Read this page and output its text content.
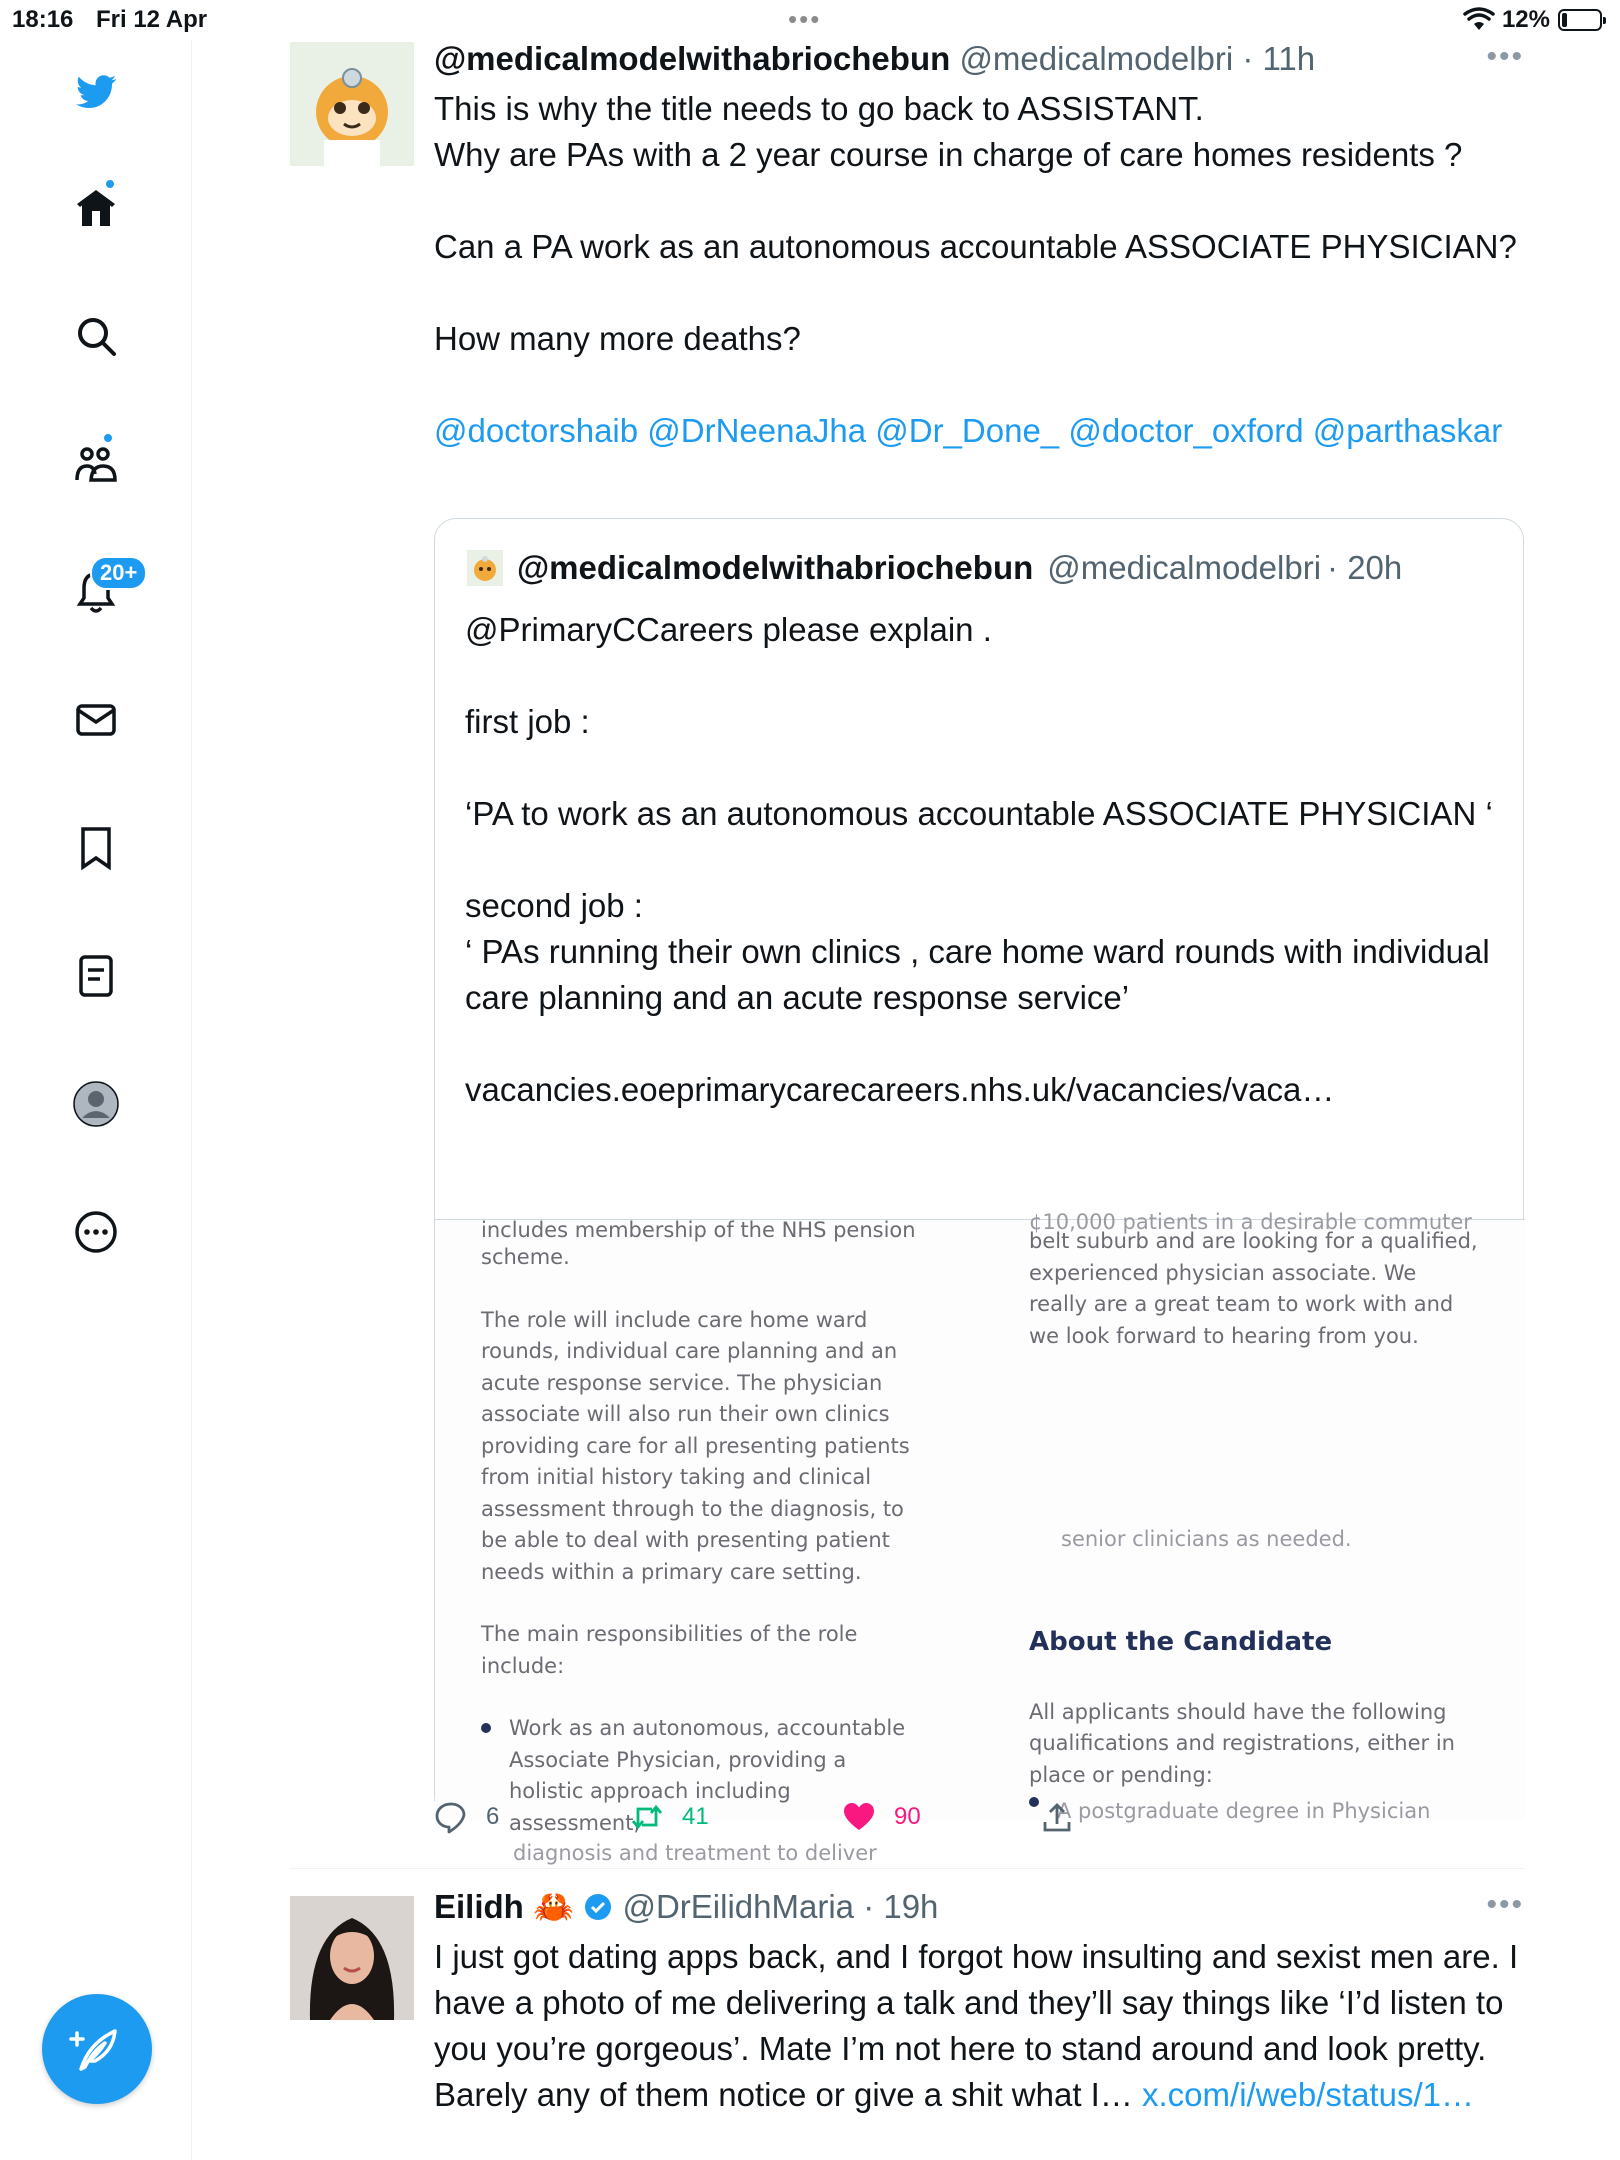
18:16 Fri 12 Apr	•••	12%
20+
@medicalmodelwithabriochebun @medicalmodelbri · 11h	•••

This is why the title needs to go back to ASSISTANT.

Why are PAs with a 2 year course in charge of care homes residents ?

Can a PA work as an autonomous accountable ASSOCIATE PHYSICIAN?

How many more deaths?

@doctorshaib @DrNeenaJha @Dr_Done_ @doctor_oxford @parthaskar

@medicalmodelwithabriochebun @medicalmodelbri · 20h

@PrimaryCCareers please explain .

first job :

‘PA to work as an autonomous accountable ASSOCIATE PHYSICIAN ‘

second job :

‘ PAs running their own clinics , care home ward rounds with individual care planning and an acute response service’

vacancies.eoeprimarycarecareers.nhs.uk/vacancies/vaca…

includes membership of the NHS pension

scheme.

The role will include care home ward rounds, individual care planning and an acute response service. The physician associate will also run their own clinics providing care for all presenting patients from initial history taking and clinical assessment through to the diagnosis, to be able to deal with presenting patient needs within a primary care setting.

The main responsibilities of the role include:

Work as an autonomous, accountable Associate Physician, providing a holistic approach including assessment,
diagnosis and treatment to deliver
¢10,000 patients in a desirable commuter

belt suburb and are looking for a qualified, experienced physician associate. We really are a great team to work with and we look forward to hearing from you.

senior clinicians as needed.

About the Candidate

All applicants should have the following qualifications and registrations, either in place or pending:

A postgraduate degree in Physician
6	41	90
Eilidh 🦀 @DrEilidhMaria · 19h	•••
I just got dating apps back, and I forgot how insulting and sexist men are. I have a photo of me delivering a talk and they’ll say things like ‘I’d listen to you you’re gorgeous’. Mate I’m not here to stand around and look pretty. Barely any of them notice or give a shit what I… x.com/i/web/status/1…
